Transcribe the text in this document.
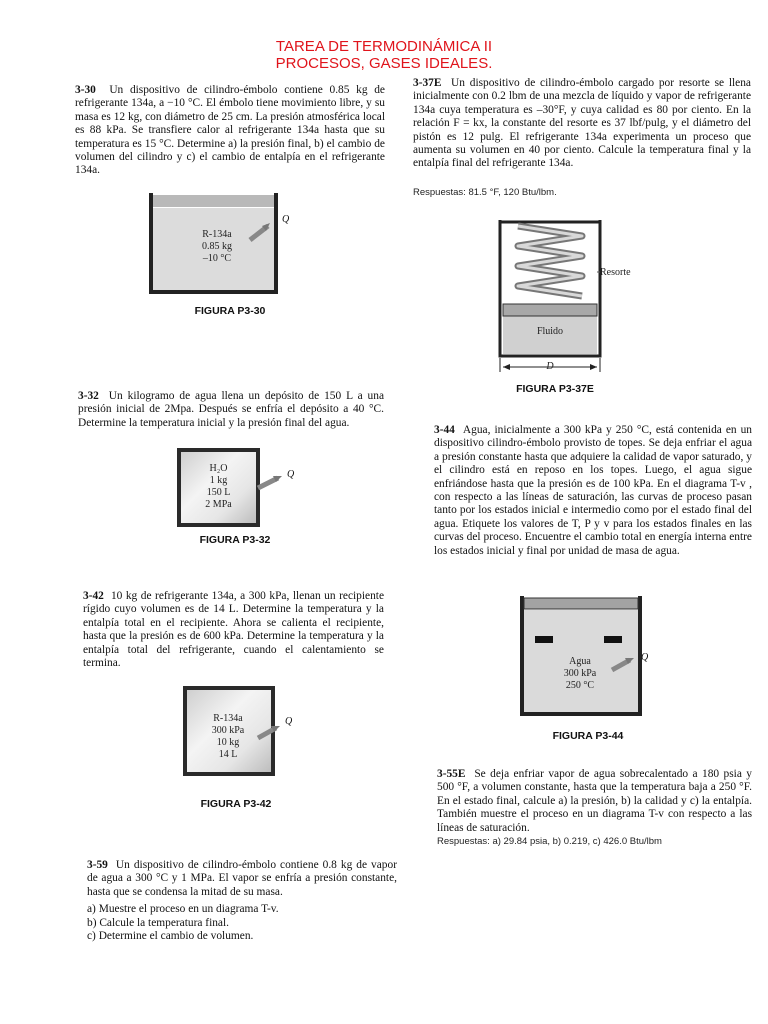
TAREA DE TERMODINÁMICA II
PROCESOS, GASES IDEALES.
3-30 Un dispositivo de cilindro-émbolo contiene 0.85 kg de refrigerante 134a, a −10 °C. El émbolo tiene movimiento libre, y su masa es 12 kg, con diámetro de 25 cm. La presión atmosférica local es 88 kPa. Se transfiere calor al refrigerante 134a hasta que su temperatura es 15 °C. Determine a) la presión final, b) el cambio de volumen del cilindro y c) el cambio de entalpía en el refrigerante 134a.
R-134a
0.85 kg
–10 °C
Q
FIGURA P3-30
3-32 Un kilogramo de agua llena un depósito de 150 L a una presión inicial de 2Mpa. Después se enfría el depósito a 40 °C. Determine la temperatura inicial y la presión final del agua.
H₂O
1 kg
150 L
2 MPa
Q
FIGURA P3-32
3-42 10 kg de refrigerante 134a, a 300 kPa, llenan un recipiente rígido cuyo volumen es de 14 L. Determine la temperatura y la entalpía total en el recipiente. Ahora se calienta el recipiente, hasta que la presión es de 600 kPa. Determine la temperatura y la entalpía total del refrigerante, cuando el calentamiento se termina.
R-134a
300 kPa
10 kg
14 L
Q
FIGURA P3-42
3-59 Un dispositivo de cilindro-émbolo contiene 0.8 kg de vapor de agua a 300 °C y 1 MPa. El vapor se enfría a presión constante, hasta que se condensa la mitad de su masa.
a) Muestre el proceso en un diagrama T-v.
b) Calcule la temperatura final.
c) Determine el cambio de volumen.
3-37E Un dispositivo de cilindro-émbolo cargado por resorte se llena inicialmente con 0.2 lbm de una mezcla de líquido y vapor de refrigerante 134a cuya temperatura es –30°F, y cuya calidad es 80 por ciento. En la relación F = kx, la constante del resorte es 37 lbf/pulg, y el diámetro del pistón es 12 pulg. El refrigerante 134a experimenta un proceso que aumenta su volumen en 40 por ciento. Calcule la temperatura final y la entalpía final del refrigerante 134a.
Respuestas: 81.5 °F, 120 Btu/lbm.
Resorte
Fluido
D
FIGURA P3-37E
3-44 Agua, inicialmente a 300 kPa y 250 °C, está contenida en un dispositivo cilindro-émbolo provisto de topes. Se deja enfriar el agua a presión constante hasta que adquiere la calidad de vapor saturado, y el cilindro está en reposo en los topes. Luego, el agua sigue enfriándose hasta que la presión es de 100 kPa. En el diagrama T-v , con respecto a las líneas de saturación, las curvas de proceso pasan tanto por los estados inicial e intermedio como por el estado final del agua. Etiquete los valores de T, P y v para los estados finales en las curvas del proceso. Encuentre el cambio total en energía interna entre los estados inicial y final por unidad de masa de agua.
Agua
300 kPa
250 °C
Q
FIGURA P3-44
3-55E Se deja enfriar vapor de agua sobrecalentado a 180 psia y 500 °F, a volumen constante, hasta que la temperatura baja a 250 °F. En el estado final, calcule a) la presión, b) la calidad y c) la entalpía. También muestre el proceso en un diagrama T-v con respecto a las líneas de saturación.
Respuestas: a) 29.84 psia, b) 0.219, c) 426.0 Btu/lbm
